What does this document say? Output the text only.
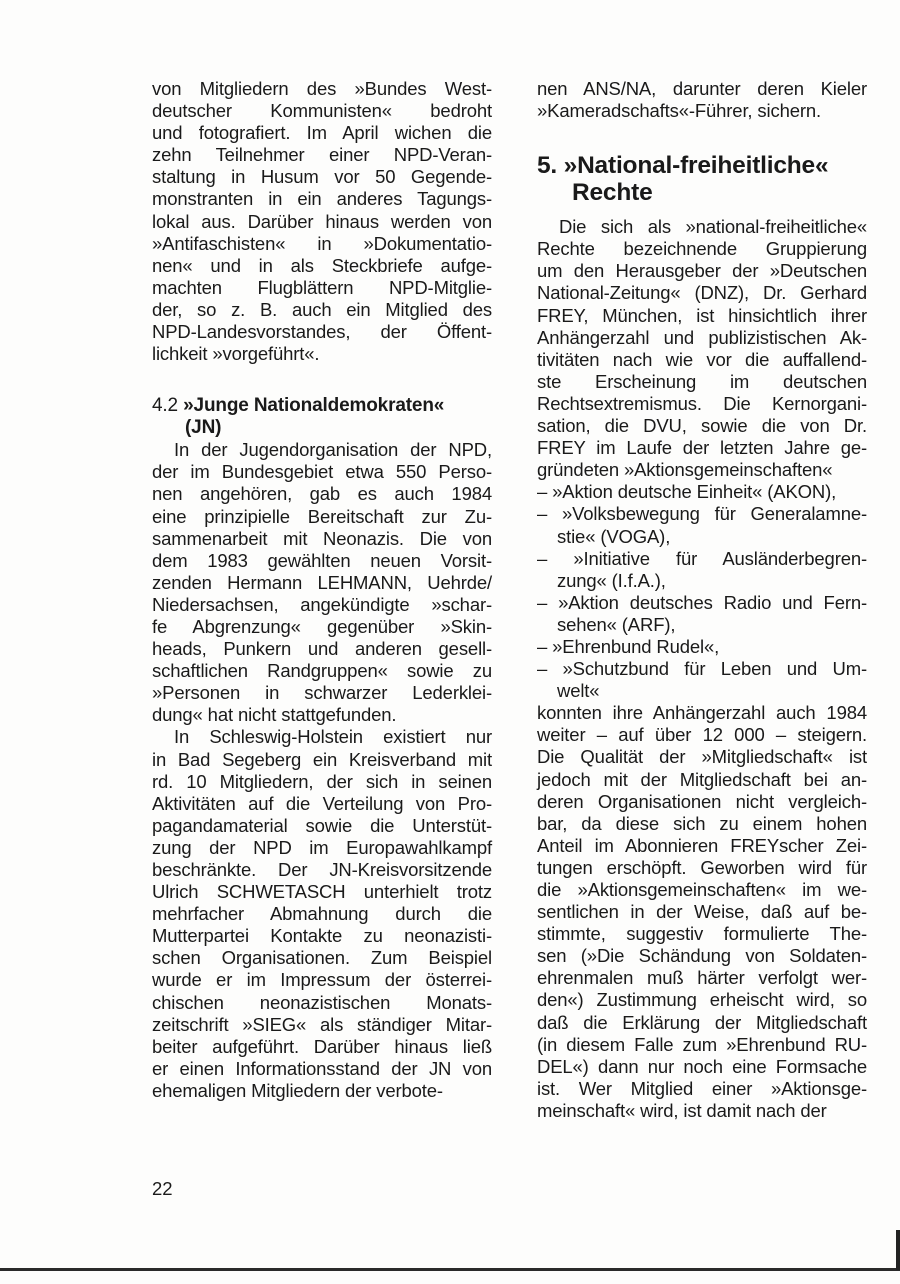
von Mitgliedern des »Bundes West-
deutscher Kommunisten« bedroht
und fotografiert. Im April wichen die
zehn Teilnehmer einer NPD-Veran-
staltung in Husum vor 50 Gegende-
monstranten in ein anderes Tagungs-
lokal aus. Darüber hinaus werden von
»Antifaschisten« in »Dokumentatio-
nen« und in als Steckbriefe aufge-
machten Flugblättern NPD-Mitglie-
der, so z. B. auch ein Mitglied des
NPD-Landesvorstandes, der Öffent-
lichkeit »vorgeführt«.
4.2 »Junge Nationaldemokraten«
(JN)
In der Jugendorganisation der NPD,
der im Bundesgebiet etwa 550 Perso-
nen angehören, gab es auch 1984
eine prinzipielle Bereitschaft zur Zu-
sammenarbeit mit Neonazis. Die von
dem 1983 gewählten neuen Vorsit-
zenden Hermann LEHMANN, Uehrde/
Niedersachsen, angekündigte »schar-
fe Abgrenzung« gegenüber »Skin-
heads, Punkern und anderen gesell-
schaftlichen Randgruppen« sowie zu
»Personen in schwarzer Lederklei-
dung« hat nicht stattgefunden.
In Schleswig-Holstein existiert nur
in Bad Segeberg ein Kreisverband mit
rd. 10 Mitgliedern, der sich in seinen
Aktivitäten auf die Verteilung von Pro-
pagandamaterial sowie die Unterstüt-
zung der NPD im Europawahlkampf
beschränkte. Der JN-Kreisvorsitzende
Ulrich SCHWETASCH unterhielt trotz
mehrfacher Abmahnung durch die
Mutterpartei Kontakte zu neonazisti-
schen Organisationen. Zum Beispiel
wurde er im Impressum der österrei-
chischen neonazistischen Monats-
zeitschrift »SIEG« als ständiger Mitar-
beiter aufgeführt. Darüber hinaus ließ
er einen Informationsstand der JN von
ehemaligen Mitgliedern der verbote-
nen ANS/NA, darunter deren Kieler
»Kameradschafts«-Führer, sichern.
5. »National-freiheitliche«
Rechte
Die sich als »national-freiheitliche«
Rechte bezeichnende Gruppierung
um den Herausgeber der »Deutschen
National-Zeitung« (DNZ), Dr. Gerhard
FREY, München, ist hinsichtlich ihrer
Anhängerzahl und publizistischen Ak-
tivitäten nach wie vor die auffallend-
ste Erscheinung im deutschen
Rechtsextremismus. Die Kernorgani-
sation, die DVU, sowie die von Dr.
FREY im Laufe der letzten Jahre ge-
gründeten »Aktionsgemeinschaften«
– »Aktion deutsche Einheit« (AKON),
– »Volksbewegung für Generalamne-
stie« (VOGA),
– »Initiative für Ausländerbegren-
zung« (I.f.A.),
– »Aktion deutsches Radio und Fern-
sehen« (ARF),
– »Ehrenbund Rudel«,
– »Schutzbund für Leben und Um-
welt«
konnten ihre Anhängerzahl auch 1984
weiter – auf über 12 000 – steigern.
Die Qualität der »Mitgliedschaft« ist
jedoch mit der Mitgliedschaft bei an-
deren Organisationen nicht vergleich-
bar, da diese sich zu einem hohen
Anteil im Abonnieren FREYscher Zei-
tungen erschöpft. Geworben wird für
die »Aktionsgemeinschaften« im we-
sentlichen in der Weise, daß auf be-
stimmte, suggestiv formulierte The-
sen (»Die Schändung von Soldaten-
ehrenmalen muß härter verfolgt wer-
den«) Zustimmung erheischt wird, so
daß die Erklärung der Mitgliedschaft
(in diesem Falle zum »Ehrenbund RU-
DEL«) dann nur noch eine Formsache
ist. Wer Mitglied einer »Aktionsge-
meinschaft« wird, ist damit nach der
22
